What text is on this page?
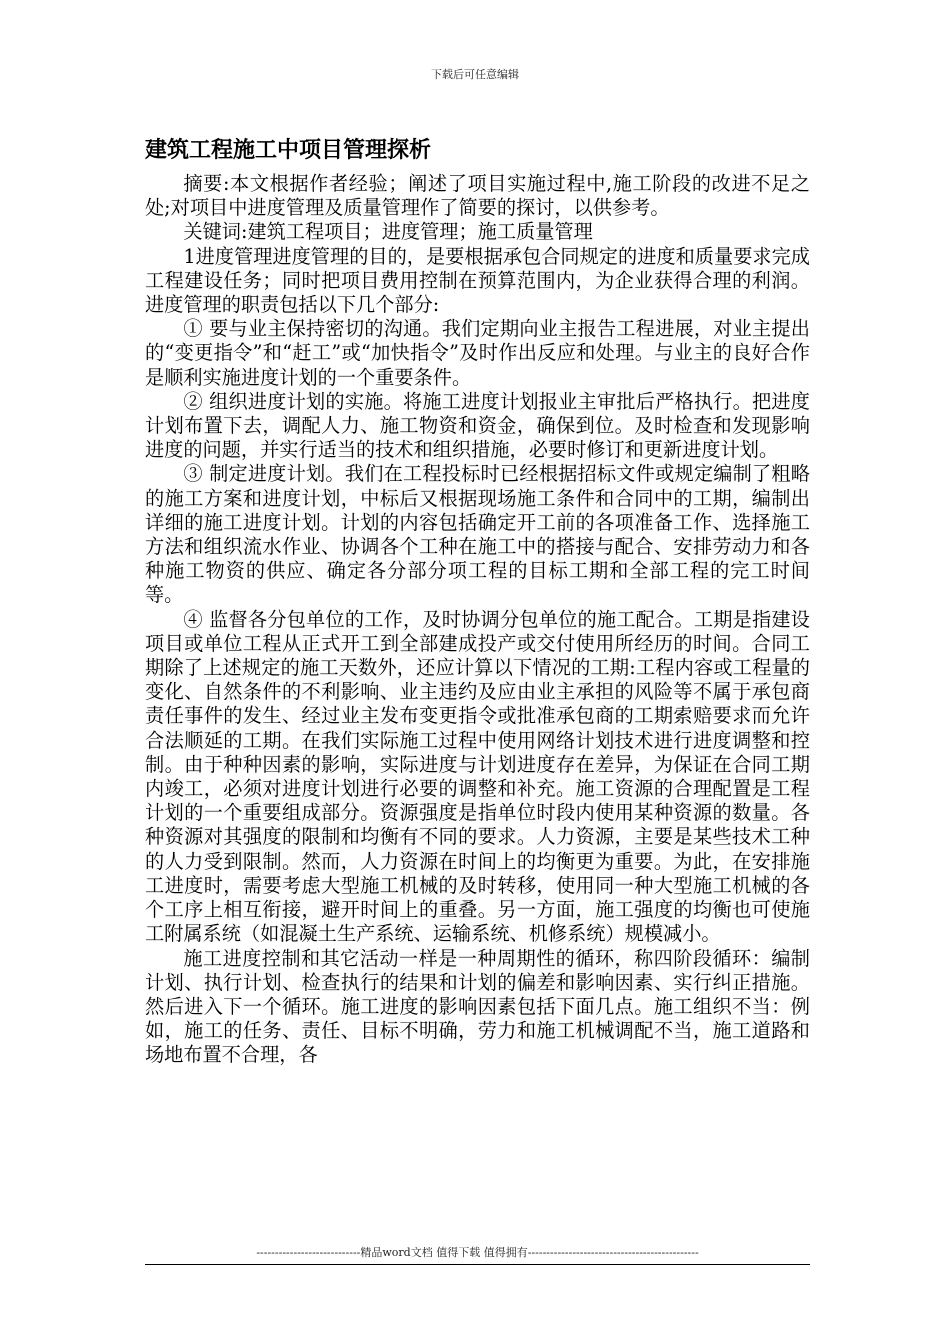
下载后可任意编辑
建筑工程施工中项目管理探析

摘要:本文根据作者经验；阐述了项目实施过程中,施工阶段的改进不足之处;对项目中进度管理及质量管理作了简要的探讨，以供参考。

关键词:建筑工程项目；进度管理；施工质量管理

1进度管理进度管理的目的，是要根据承包合同规定的进度和质量要求完成工程建设任务；同时把项目费用控制在预算范围内，为企业获得合理的利润。进度管理的职责包括以下几个部分:

① 要与业主保持密切的沟通。我们定期向业主报告工程进展，对业主提出的“变更指令”和“赶工”或“加快指令”及时作出反应和处理。与业主的良好合作是顺利实施进度计划的一个重要条件。

② 组织进度计划的实施。将施工进度计划报业主审批后严格执行。把进度计划布置下去，调配人力、施工物资和资金，确保到位。及时检查和发现影响进度的问题，并实行适当的技术和组织措施，必要时修订和更新进度计划。

③ 制定进度计划。我们在工程投标时已经根据招标文件或规定编制了粗略的施工方案和进度计划，中标后又根据现场施工条件和合同中的工期，编制出详细的施工进度计划。计划的内容包括确定开工前的各项准备工作、选择施工方法和组织流水作业、协调各个工种在施工中的搭接与配合、安排劳动力和各种施工物资的供应、确定各分部分项工程的目标工期和全部工程的完工时间等。

④ 监督各分包单位的工作，及时协调分包单位的施工配合。工期是指建设项目或单位工程从正式开工到全部建成投产或交付使用所经历的时间。合同工期除了上述规定的施工天数外，还应计算以下情况的工期:工程内容或工程量的变化、自然条件的不利影响、业主违约及应由业主承担的风险等不属于承包商责任事件的发生、经过业主发布变更指令或批准承包商的工期索赔要求而允许合法顺延的工期。在我们实际施工过程中使用网络计划技术进行进度调整和控制。由于种种因素的影响，实际进度与计划进度存在差异，为保证在合同工期内竣工，必须对进度计划进行必要的调整和补充。施工资源的合理配置是工程计划的一个重要组成部分。资源强度是指单位时段内使用某种资源的数量。各种资源对其强度的限制和均衡有不同的要求。人力资源，主要是某些技术工种的人力受到限制。然而，人力资源在时间上的均衡更为重要。为此，在安排施工进度时，需要考虑大型施工机械的及时转移，使用同一种大型施工机械的各个工序上相互衔接，避开时间上的重叠。另一方面，施工强度的均衡也可使施工附属系统（如混凝土生产系统、运输系统、机修系统）规模减小。

施工进度控制和其它活动一样是一种周期性的循环，称四阶段循环：编制计划、执行计划、检查执行的结果和计划的偏差和影响因素、实行纠正措施。然后进入下一个循环。施工进度的影响因素包括下面几点。施工组织不当：例如，施工的任务、责任、目标不明确，劳力和施工机械调配不当，施工道路和场地布置不合理，各

----------------------------精品word文档 值得下载 值得拥有----------------------------------------------
